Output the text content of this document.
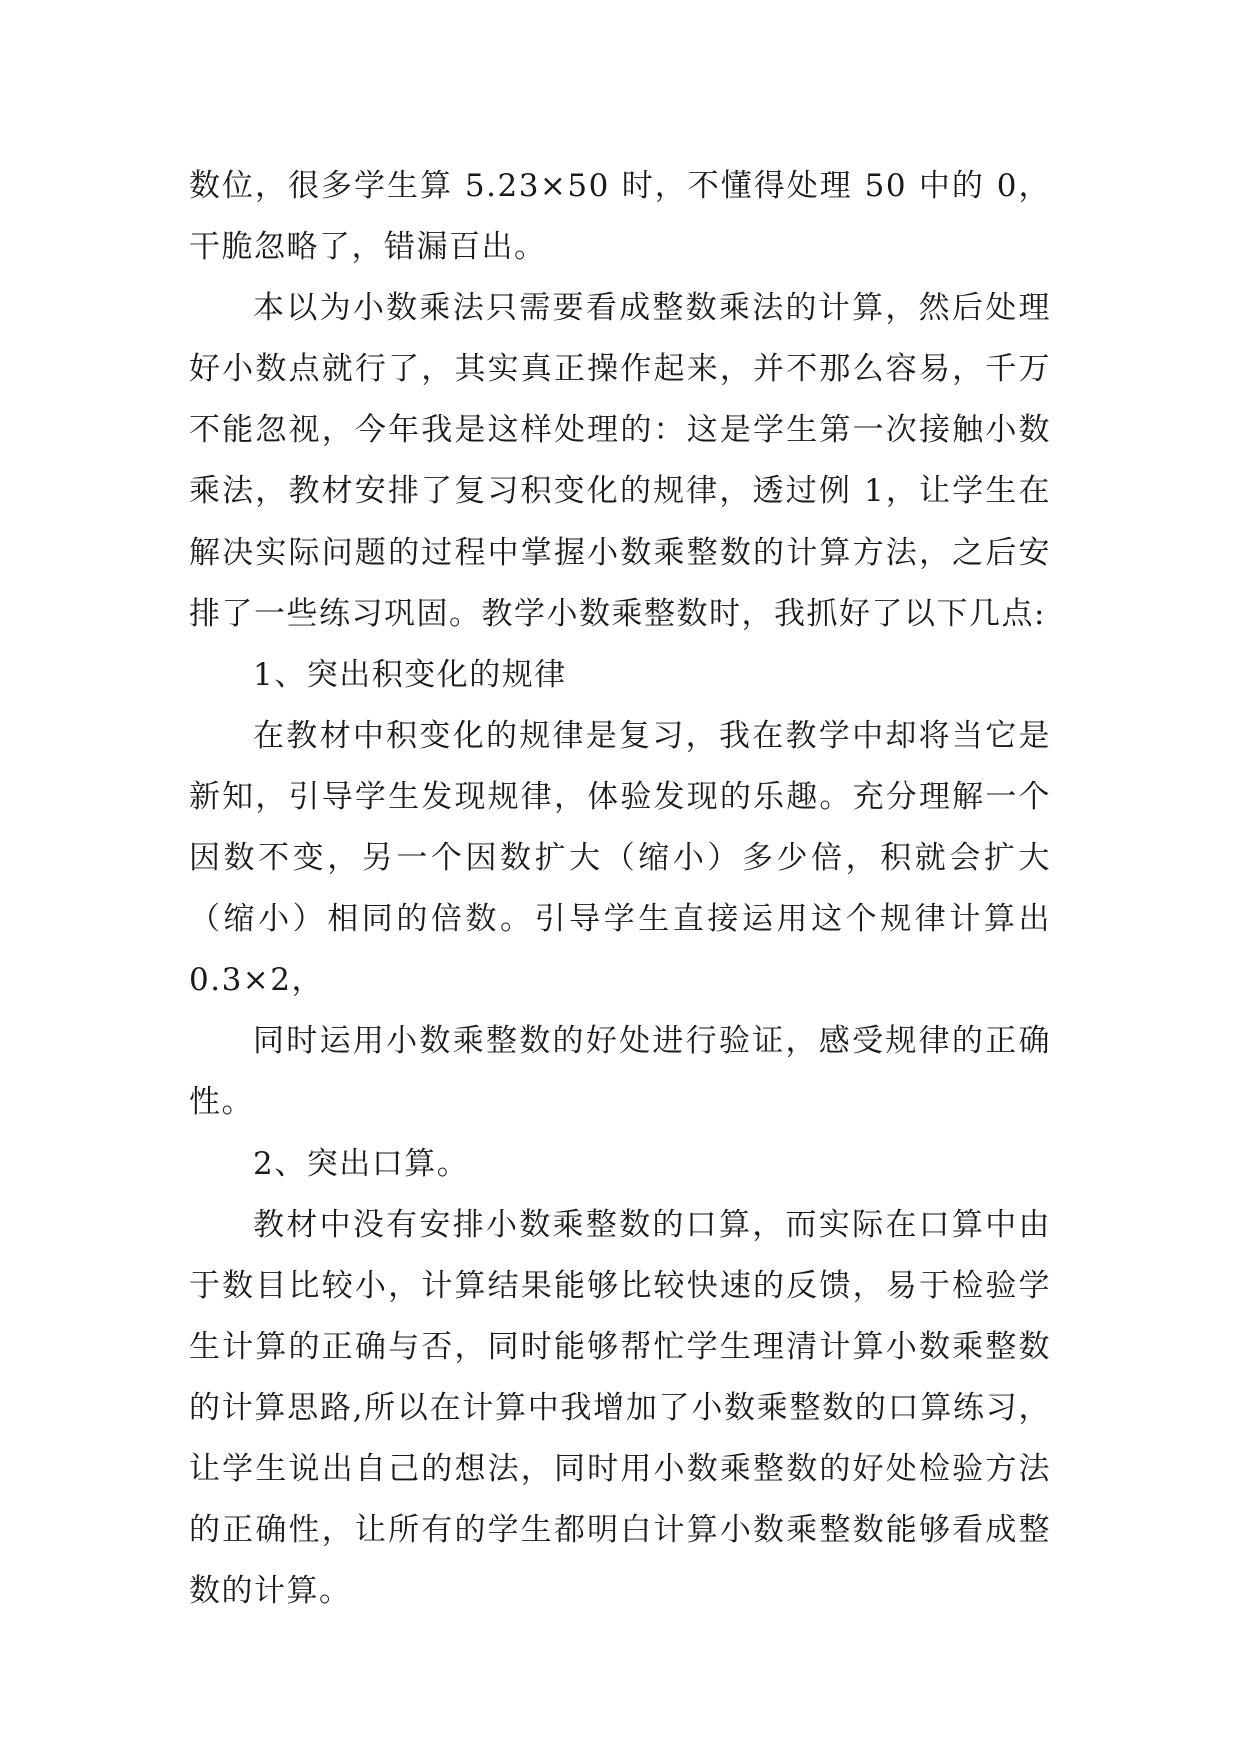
数位，很多学生算 5.23×50 时，不懂得处理 50 中的 0，干脆忽略了，错漏百出。

本以为小数乘法只需要看成整数乘法的计算，然后处理好小数点就行了，其实真正操作起来，并不那么容易，千万不能忽视，今年我是这样处理的：这是学生第一次接触小数乘法，教材安排了复习积变化的规律，透过例 1，让学生在解决实际问题的过程中掌握小数乘整数的计算方法，之后安排了一些练习巩固。教学小数乘整数时，我抓好了以下几点:

1、突出积变化的规律

在教材中积变化的规律是复习，我在教学中却将当它是新知，引导学生发现规律，体验发现的乐趣。充分理解一个因数不变，另一个因数扩大（缩小）多少倍，积就会扩大（缩小）相同的倍数。引导学生直接运用这个规律计算出 0.3×2，

同时运用小数乘整数的好处进行验证，感受规律的正确性。

2、突出口算。

教材中没有安排小数乘整数的口算，而实际在口算中由于数目比较小，计算结果能够比较快速的反馈，易于检验学生计算的正确与否，同时能够帮忙学生理清计算小数乘整数的计算思路,所以在计算中我增加了小数乘整数的口算练习，让学生说出自己的想法，同时用小数乘整数的好处检验方法的正确性，让所有的学生都明白计算小数乘整数能够看成整数的计算。
